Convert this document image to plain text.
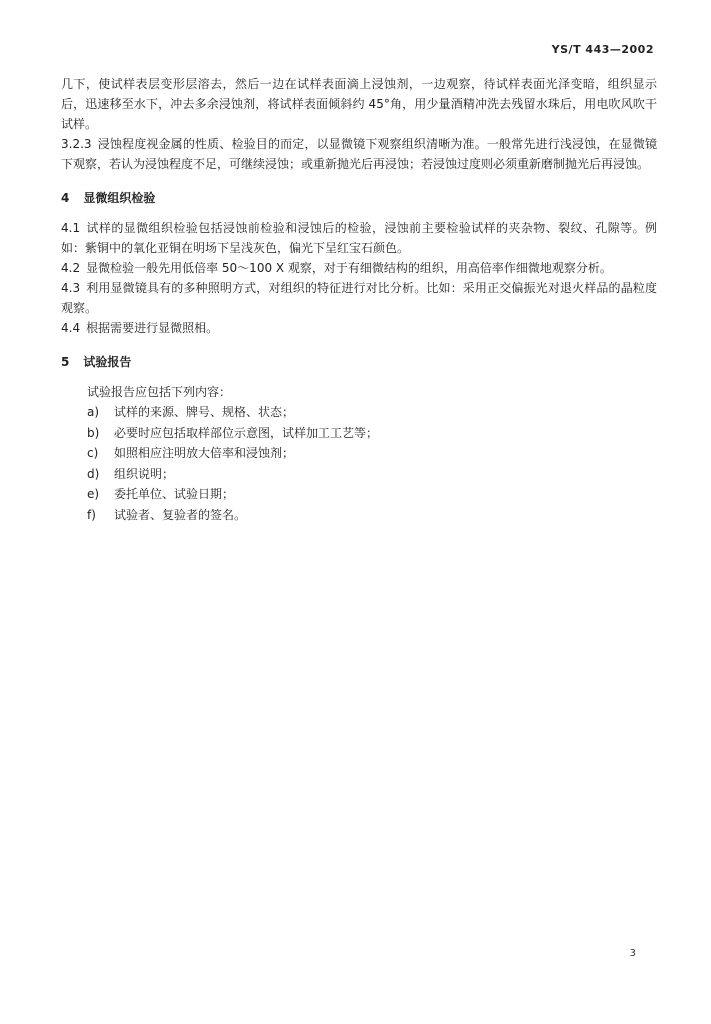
YS/T 443—2002

几下，使试样表层变形层溶去，然后一边在试样表面滴上浸蚀剂，一边观察，待试样表面光泽变暗，组织显示后，迅速移至水下，冲去多余浸蚀剂，将试样表面倾斜约 45°角，用少量酒精冲洗去残留水珠后，用电吹风吹干试样。

3.2.3 浸蚀程度视金属的性质、检验目的而定，以显微镜下观察组织清晰为准。一般常先进行浅浸蚀，在显微镜下观察，若认为浸蚀程度不足，可继续浸蚀；或重新抛光后再浸蚀；若浸蚀过度则必须重新磨制抛光后再浸蚀。

4 显微组织检验

4.1 试样的显微组织检验包括浸蚀前检验和浸蚀后的检验，浸蚀前主要检验试样的夹杂物、裂纹、孔隙等。例如：紫铜中的氧化亚铜在明场下呈浅灰色，偏光下呈红宝石颜色。

4.2 显微检验一般先用低倍率 50～100 X 观察，对于有细微结构的组织，用高倍率作细微地观察分析。

4.3 利用显微镜具有的多种照明方式，对组织的特征进行对比分析。比如：采用正交偏振光对退火样品的晶粒度观察。

4.4 根据需要进行显微照相。

5 试验报告

试验报告应包括下列内容：

a) 试样的来源、牌号、规格、状态；
b) 必要时应包括取样部位示意图，试样加工工艺等；
c) 如照相应注明放大倍率和浸蚀剂；
d) 组织说明；
e) 委托单位、试验日期；
f) 试验者、复验者的签名。
3
